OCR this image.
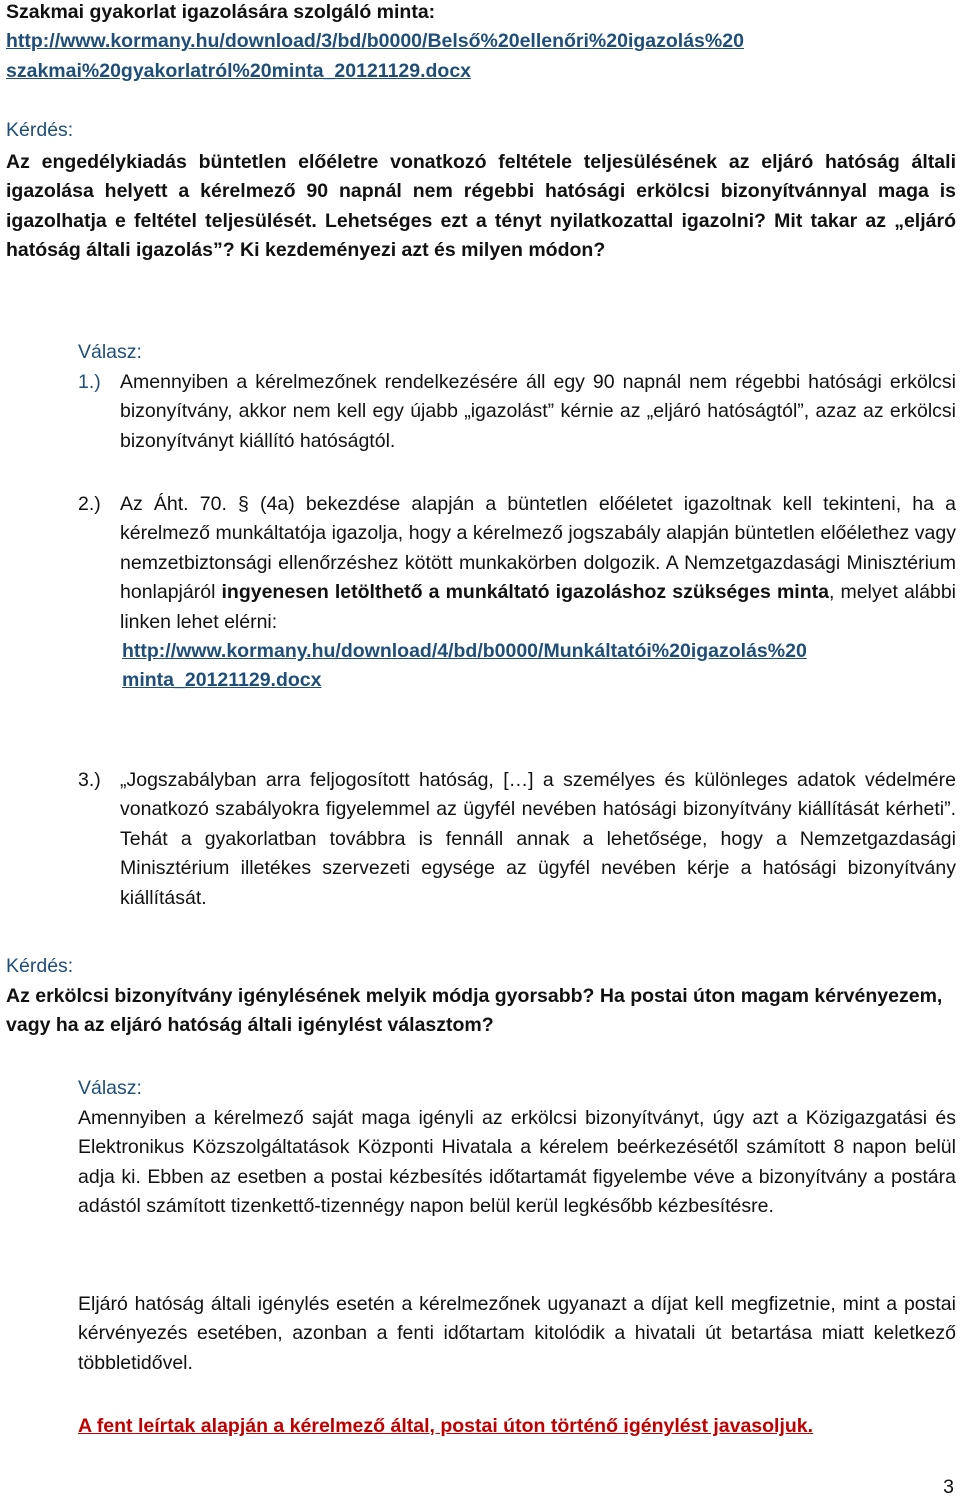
Szakmai gyakorlat igazolására szolgáló minta:
http://www.kormany.hu/download/3/bd/b0000/Belső%20ellenőri%20igazolás%20
szakmai%20gyakorlatról%20minta_20121129.docx
Kérdés:
Az engedélykiadás büntetlen előéletre vonatkozó feltétele teljesülésének az eljáró hatóság általi igazolása helyett a kérelmező 90 napnál nem régebbi hatósági erkölcsi bizonyítvánnyal maga is igazolhatja e feltétel teljesülését. Lehetséges ezt a tényt nyilatkozattal igazolni? Mit takar az „eljáró hatóság általi igazolás”? Ki kezdeményezi azt és milyen módon?
Válasz:
1.) Amennyiben a kérelmezőnek rendelkezésére áll egy 90 napnál nem régebbi hatósági erkölcsi bizonyítvány, akkor nem kell egy újabb „igazolást” kérnie az „eljáró hatóságtól”, azaz az erkölcsi bizonyítványt kiállító hatóságtól.
2.) Az Áht. 70. § (4a) bekezdése alapján a büntetlen előéletet igazoltnak kell tekinteni, ha a kérelmező munkáltatója igazolja, hogy a kérelmező jogszabály alapján büntetlen előélethez vagy nemzetbiztonsági ellenőrzéshez kötött munkakörben dolgozik. A Nemzetgazdasági Minisztérium honlapjáról ingyenesen letölthető a munkáltató igazoláshoz szükséges minta, melyet alábbi linken lehet elérni:
http://www.kormany.hu/download/4/bd/b0000/Munkáltatói%20igazolás%20
minta_20121129.docx
3.) „Jogszabályban arra feljogosított hatóság, […] a személyes és különleges adatok védelmére vonatkozó szabályokra figyelemmel az ügyfél nevében hatósági bizonyítvány kiállítását kérheti”. Tehát a gyakorlatban továbbra is fennáll annak a lehetősége, hogy a Nemzetgazdasági Minisztérium illetékes szervezeti egysége az ügyfél nevében kérje a hatósági bizonyítvány kiállítását.
Kérdés:
Az erkölcsi bizonyítvány igénylésének melyik módja gyorsabb? Ha postai úton magam kérvényezem, vagy ha az eljáró hatóság általi igénylést választom?
Válasz:
Amennyiben a kérelmező saját maga igényli az erkölcsi bizonyítványt, úgy azt a Közigazgatási és Elektronikus Közszolgáltatások Központi Hivatala a kérelem beérkezésétől számított 8 napon belül adja ki. Ebben az esetben a postai kézbesítés időtartamát figyelembe véve a bizonyítvány a postára adástól számított tizenkettő-tizennégy napon belül kerül legkésőbb kézbesítésre.
Eljáró hatóság általi igénylés esetén a kérelmezőnek ugyanazt a díjat kell megfizetnie, mint a postai kérvényezés esetében, azonban a fenti időtartam kitolódik a hivatali út betartása miatt keletkező többletidővel.
A fent leírtak alapján a kérelmező által, postai úton történő igénylést javasoljuk.
3
